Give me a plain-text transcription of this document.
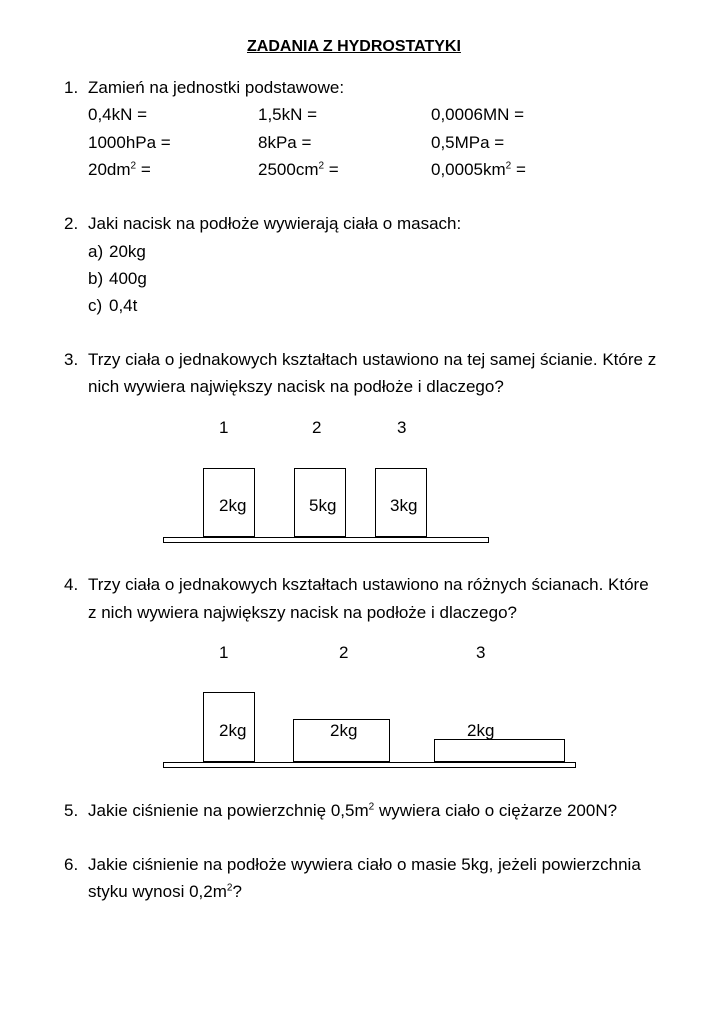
ZADANIA Z HYDROSTATYKI
1. Zamień na jednostki podstawowe:
0,4kN =	1,5kN =	0,0006MN =
1000hPa =	8kPa =	0,5MPa =
$20dm^2$ =	$2500cm^2$ =	$0,0005km^2$ =
2. Jaki nacisk na podłoże wywierają ciała o masach:
a) 20kg
b) 400g
c) 0,4t
3. Trzy ciała o jednakowych kształtach ustawiono na tej samej ścianie. Które z
nich wywiera największy nacisk na podłoże i dlaczego?
1	2	3
2kg	5kg	3kg
4. Trzy ciała o jednakowych kształtach ustawiono na różnych ścianach. Które
z nich wywiera największy nacisk na podłoże i dlaczego?
1	2	3
2kg	2kg	2kg
5. Jakie ciśnienie na powierzchnię $0,5m^2$ wywiera ciało o ciężarze 200N?
6. Jakie ciśnienie na podłoże wywiera ciało o masie 5kg, jeżeli powierzchnia
styku wynosi $0,2m^2$?
